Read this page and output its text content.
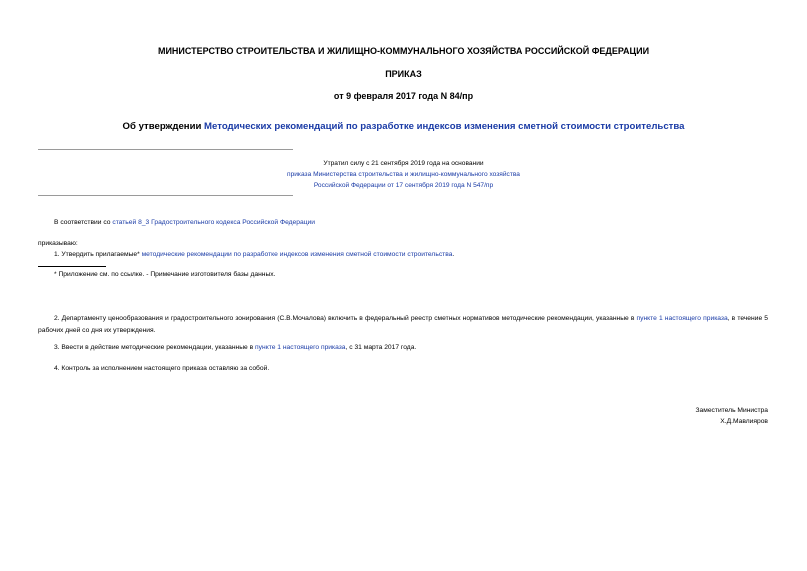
МИНИСТЕРСТВО СТРОИТЕЛЬСТВА И ЖИЛИЩНО-КОММУНАЛЬНОГО ХОЗЯЙСТВА РОССИЙСКОЙ ФЕДЕРАЦИИ
ПРИКАЗ
от 9 февраля 2017 года N 84/пр
Об утверждении Методических рекомендаций по разработке индексов изменения сметной стоимости строительства
Утратил силу с 21 сентября 2019 года на основании
приказа Министерства строительства и жилищно-коммунального хозяйства
Российской Федерации от 17 сентября 2019 года N 547/пр
В соответствии со статьей 8_3 Градостроительного кодекса Российской Федерации
приказываю:
1. Утвердить прилагаемые* методические рекомендации по разработке индексов изменения сметной стоимости строительства.
* Приложение см. по ссылке. - Примечание изготовителя базы данных.
2. Департаменту ценообразования и градостроительного зонирования (С.В.Мочалова) включить в федеральный реестр сметных нормативов методические рекомендации, указанные в пункте 1 настоящего приказа, в течение 5 рабочих дней со дня их утверждения.
3. Ввести в действие методические рекомендации, указанные в пункте 1 настоящего приказа, с 31 марта 2017 года.
4. Контроль за исполнением настоящего приказа оставляю за собой.
Заместитель Министра
Х.Д.Мавлияров
